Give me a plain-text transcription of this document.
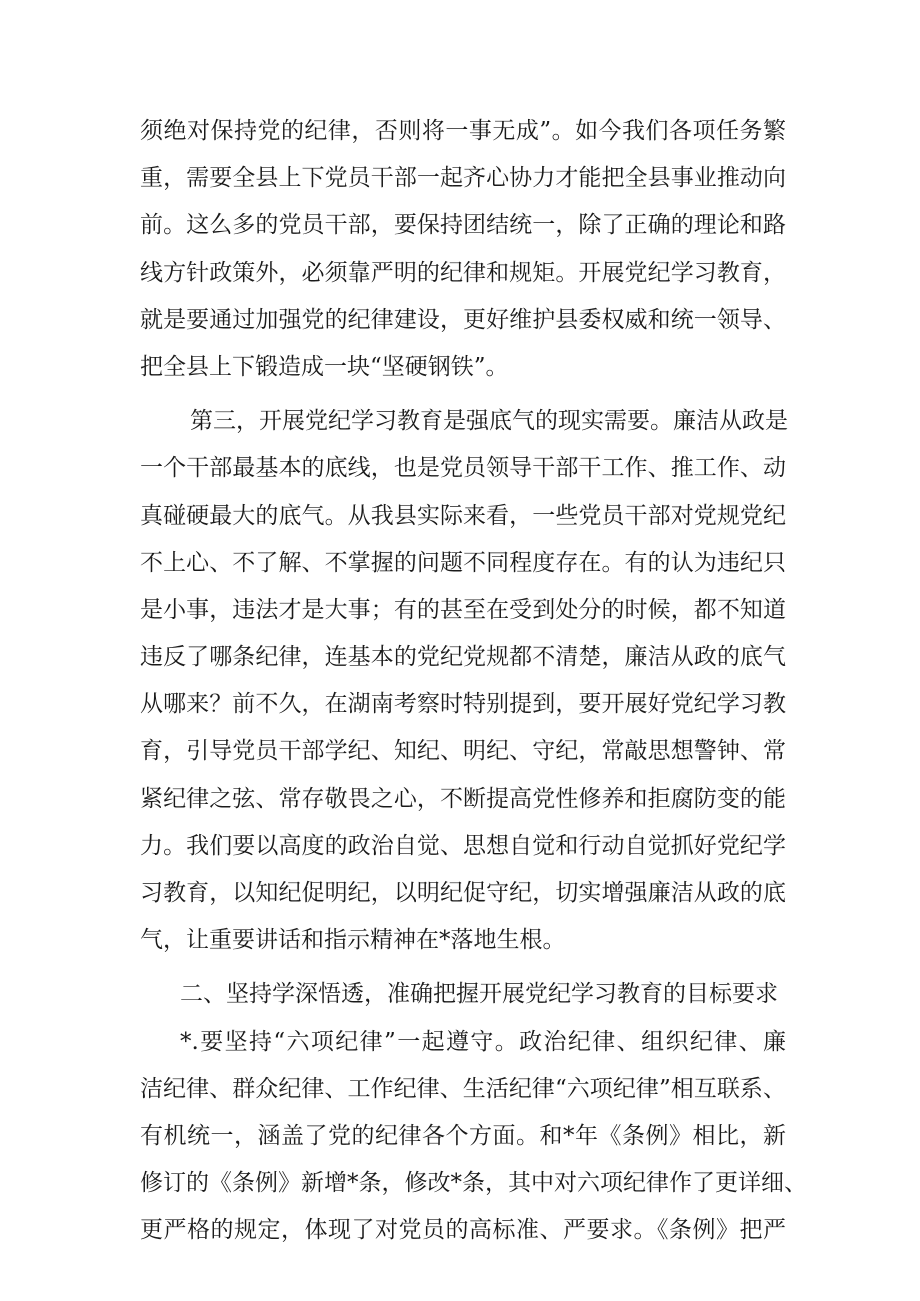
须绝对保持党的纪律，否则将一事无成”。如今我们各项任务繁
重，需要全县上下党员干部一起齐心协力才能把全县事业推动向
前。这么多的党员干部，要保持团结统一，除了正确的理论和路
线方针政策外，必须靠严明的纪律和规矩。开展党纪学习教育，
就是要通过加强党的纪律建设，更好维护县委权威和统一领导、
把全县上下锻造成一块“坚硬钢铁”。
第三，开展党纪学习教育是强底气的现实需要。廉洁从政是
一个干部最基本的底线，也是党员领导干部干工作、推工作、动
真碰硬最大的底气。从我县实际来看，一些党员干部对党规党纪
不上心、不了解、不掌握的问题不同程度存在。有的认为违纪只
是小事，违法才是大事；有的甚至在受到处分的时候，都不知道
违反了哪条纪律，连基本的党纪党规都不清楚，廉洁从政的底气
从哪来？前不久，在湖南考察时特别提到，要开展好党纪学习教
育，引导党员干部学纪、知纪、明纪、守纪，常敲思想警钟、常
紧纪律之弦、常存敬畏之心，不断提高党性修养和拒腐防变的能
力。我们要以高度的政治自觉、思想自觉和行动自觉抓好党纪学
习教育，以知纪促明纪，以明纪促守纪，切实增强廉洁从政的底
气，让重要讲话和指示精神在*落地生根。
二、坚持学深悟透，准确把握开展党纪学习教育的目标要求
*.要坚持“六项纪律”一起遵守。政治纪律、组织纪律、廉
洁纪律、群众纪律、工作纪律、生活纪律“六项纪律”相互联系、
有机统一，涵盖了党的纪律各个方面。和*年《条例》相比，新
修订的《条例》新增*条，修改*条，其中对六项纪律作了更详细、
更严格的规定，体现了对党员的高标准、严要求。《条例》把严
